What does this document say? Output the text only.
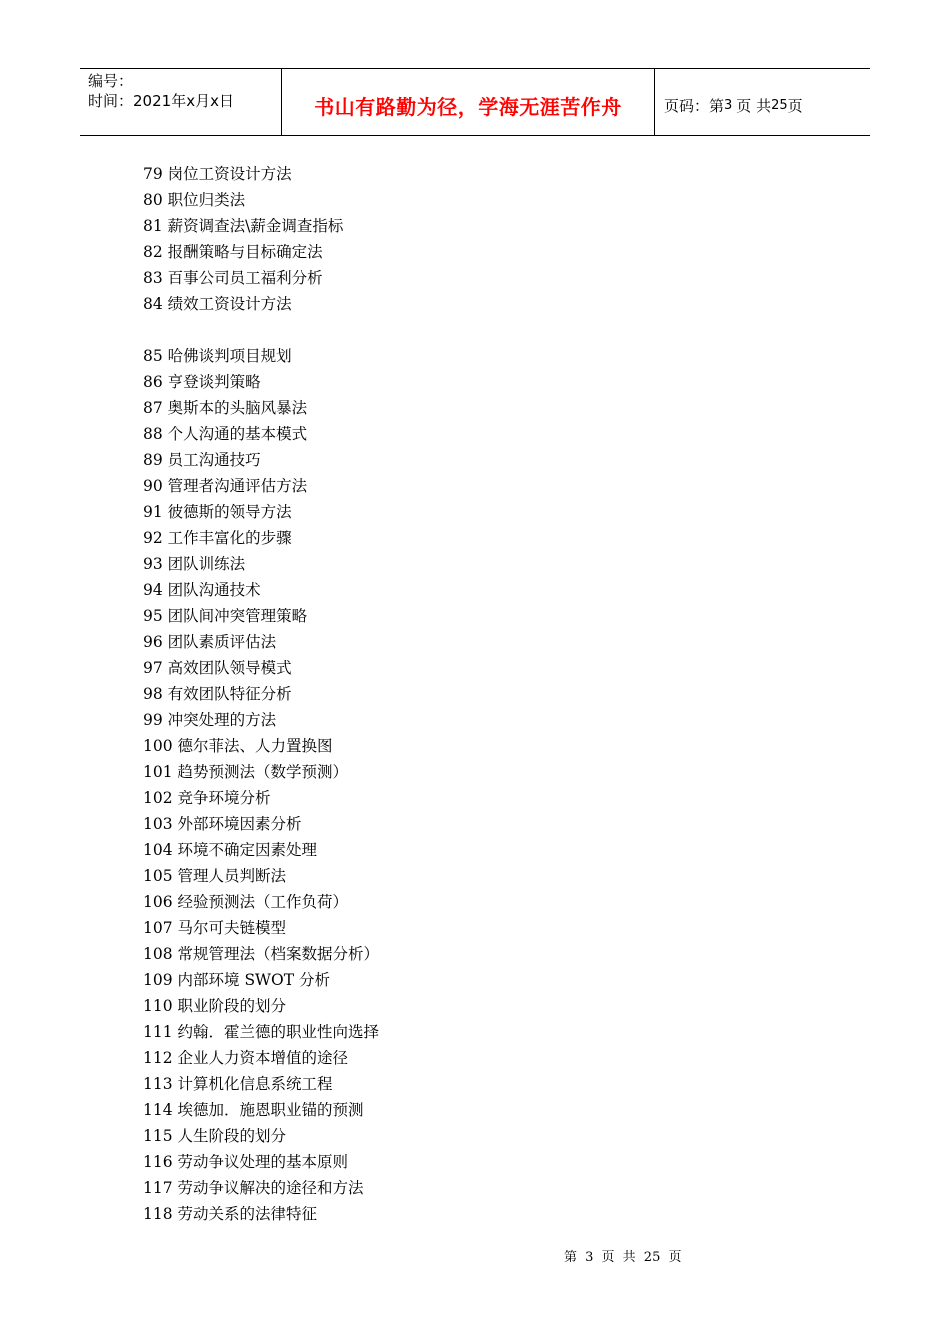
编号：
时间：2021年x月x日	书山有路勤为径，学海无涯苦作舟	页码：第 3 页 共 25 页
79 岗位工资设计方法
80 职位归类法
81 薪资调查法\薪金调查指标
82 报酬策略与目标确定法
83 百事公司员工福利分析
84 绩效工资设计方法
85 哈佛谈判项目规划
86 亨登谈判策略
87 奥斯本的头脑风暴法
88 个人沟通的基本模式
89 员工沟通技巧
90 管理者沟通评估方法
91 彼德斯的领导方法
92 工作丰富化的步骤
93 团队训练法
94 团队沟通技术
95 团队间冲突管理策略
96 团队素质评估法
97 高效团队领导模式
98 有效团队特征分析
99 冲突处理的方法
100 德尔菲法、人力置换图
101 趋势预测法（数学预测）
102 竞争环境分析
103 外部环境因素分析
104 环境不确定因素处理
105 管理人员判断法
106 经验预测法（工作负荷）
107 马尔可夫链模型
108 常规管理法（档案数据分析）
109 内部环境 SWOT 分析
110 职业阶段的划分
111 约翰．霍兰德的职业性向选择
112 企业人力资本增值的途径
113 计算机化信息系统工程
114 埃德加．施恩职业锚的预测
115 人生阶段的划分
116 劳动争议处理的基本原则
117 劳动争议解决的途径和方法
118 劳动关系的法律特征
第 3 页 共 25 页
